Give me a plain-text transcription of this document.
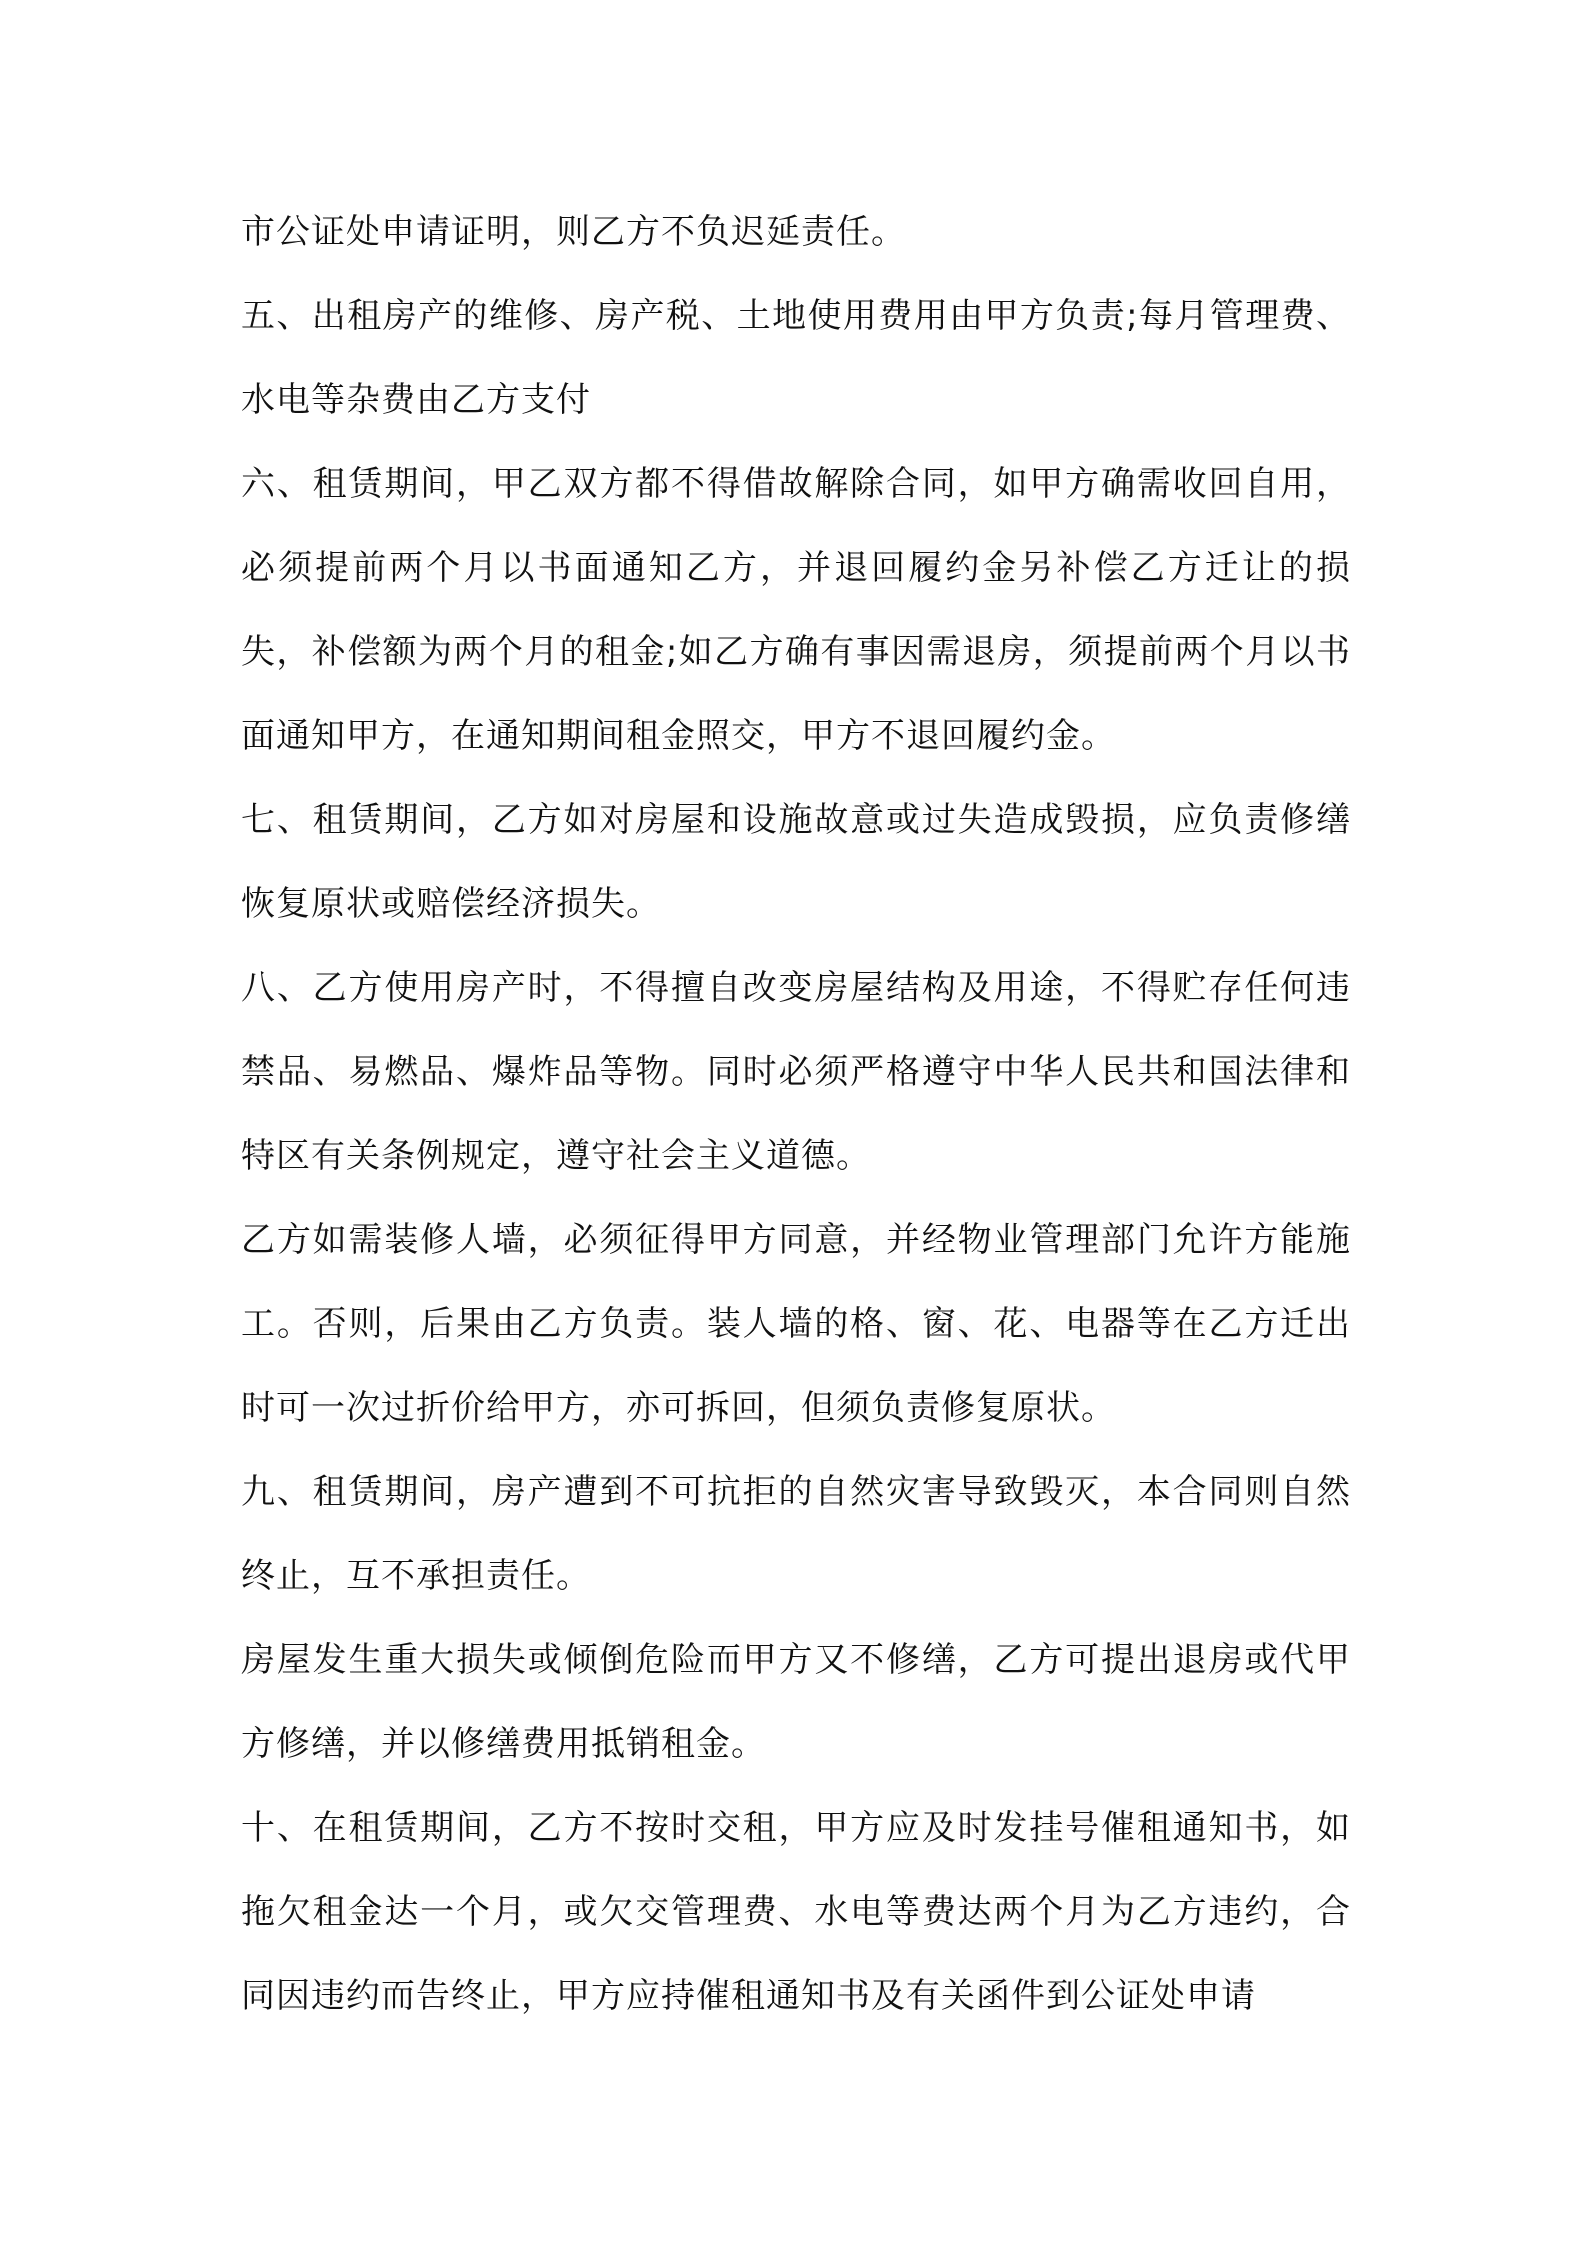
市公证处申请证明，则乙方不负迟延责任。

五、出租房产的维修、房产税、土地使用费用由甲方负责;每月管理费、水电等杂费由乙方支付

六、租赁期间，甲乙双方都不得借故解除合同，如甲方确需收回自用，必须提前两个月以书面通知乙方，并退回履约金另补偿乙方迁让的损失，补偿额为两个月的租金;如乙方确有事因需退房，须提前两个月以书面通知甲方，在通知期间租金照交，甲方不退回履约金。

七、租赁期间，乙方如对房屋和设施故意或过失造成毁损，应负责修缮恢复原状或赔偿经济损失。

八、乙方使用房产时，不得擅自改变房屋结构及用途，不得贮存任何违禁品、易燃品、爆炸品等物。同时必须严格遵守中华人民共和国法律和特区有关条例规定，遵守社会主义道德。

乙方如需装修人墙，必须征得甲方同意，并经物业管理部门允许方能施工。否则，后果由乙方负责。装人墙的格、窗、花、电器等在乙方迁出时可一次过折价给甲方，亦可拆回，但须负责修复原状。

九、租赁期间，房产遭到不可抗拒的自然灾害导致毁灭，本合同则自然终止，互不承担责任。

房屋发生重大损失或倾倒危险而甲方又不修缮，乙方可提出退房或代甲方修缮，并以修缮费用抵销租金。

十、在租赁期间，乙方不按时交租，甲方应及时发挂号催租通知书，如拖欠租金达一个月，或欠交管理费、水电等费达两个月为乙方违约，合同因违约而告终止，甲方应持催租通知书及有关函件到公证处申请
